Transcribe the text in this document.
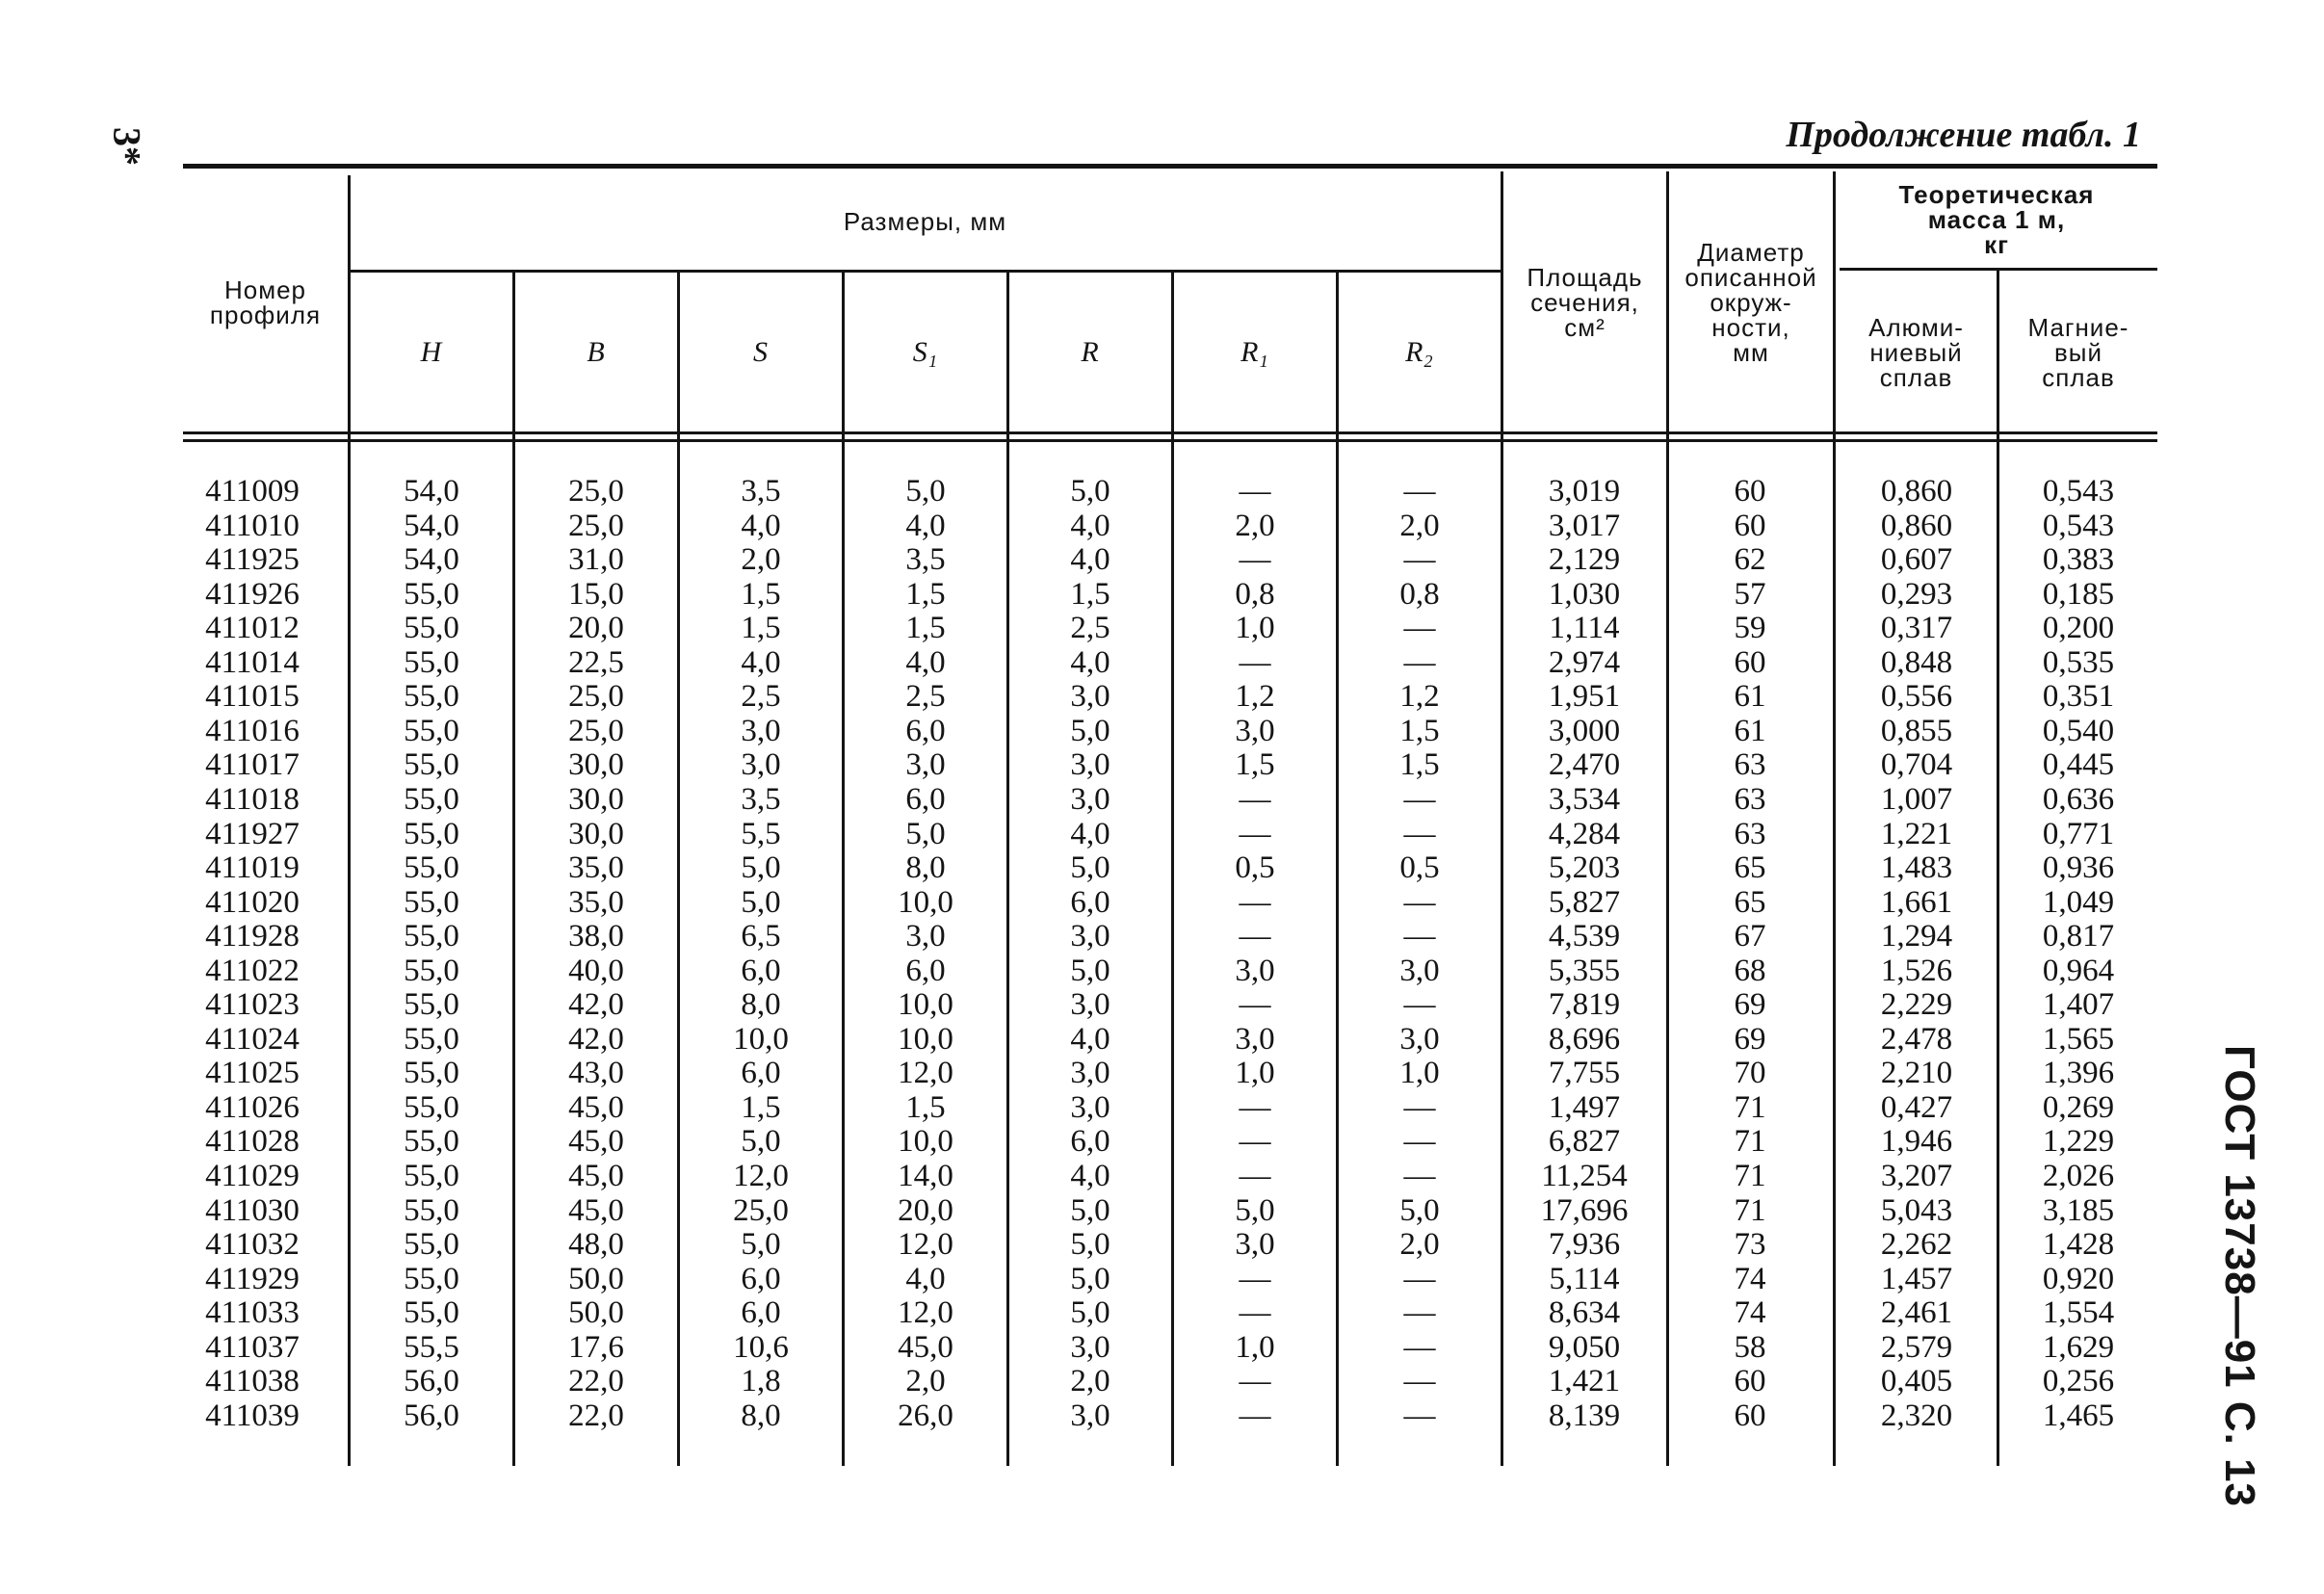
3*	Продолжение табл. 1
ГОСТ 13738—91 С. 13
Номер
профиля
Размеры, мм
H	B	S	S₁	R	R₁	R₂
Площадь
сечения,
см²
Диаметр
описанной
окруж-
ности,
мм
Теоретическая
масса 1 м,
кг
Алюми-
ниевый
сплав
Магние-
вый
сплав
411009	54,0	25,0	3,5	5,0	5,0	—	—	3,019	60	0,860	0,543
411010	54,0	25,0	4,0	4,0	4,0	2,0	2,0	3,017	60	0,860	0,543
411925	54,0	31,0	2,0	3,5	4,0	—	—	2,129	62	0,607	0,383
411926	55,0	15,0	1,5	1,5	1,5	0,8	0,8	1,030	57	0,293	0,185
411012	55,0	20,0	1,5	1,5	2,5	1,0	—	1,114	59	0,317	0,200
411014	55,0	22,5	4,0	4,0	4,0	—	—	2,974	60	0,848	0,535
411015	55,0	25,0	2,5	2,5	3,0	1,2	1,2	1,951	61	0,556	0,351
411016	55,0	25,0	3,0	6,0	5,0	3,0	1,5	3,000	61	0,855	0,540
411017	55,0	30,0	3,0	3,0	3,0	1,5	1,5	2,470	63	0,704	0,445
411018	55,0	30,0	3,5	6,0	3,0	—	—	3,534	63	1,007	0,636
411927	55,0	30,0	5,5	5,0	4,0	—	—	4,284	63	1,221	0,771
411019	55,0	35,0	5,0	8,0	5,0	0,5	0,5	5,203	65	1,483	0,936
411020	55,0	35,0	5,0	10,0	6,0	—	—	5,827	65	1,661	1,049
411928	55,0	38,0	6,5	3,0	3,0	—	—	4,539	67	1,294	0,817
411022	55,0	40,0	6,0	6,0	5,0	3,0	3,0	5,355	68	1,526	0,964
411023	55,0	42,0	8,0	10,0	3,0	—	—	7,819	69	2,229	1,407
411024	55,0	42,0	10,0	10,0	4,0	3,0	3,0	8,696	69	2,478	1,565
411025	55,0	43,0	6,0	12,0	3,0	1,0	1,0	7,755	70	2,210	1,396
411026	55,0	45,0	1,5	1,5	3,0	—	—	1,497	71	0,427	0,269
411028	55,0	45,0	5,0	10,0	6,0	—	—	6,827	71	1,946	1,229
411029	55,0	45,0	12,0	14,0	4,0	—	—	11,254	71	3,207	2,026
411030	55,0	45,0	25,0	20,0	5,0	5,0	5,0	17,696	71	5,043	3,185
411032	55,0	48,0	5,0	12,0	5,0	3,0	2,0	7,936	73	2,262	1,428
411929	55,0	50,0	6,0	4,0	5,0	—	—	5,114	74	1,457	0,920
411033	55,0	50,0	6,0	12,0	5,0	—	—	8,634	74	2,461	1,554
411037	55,5	17,6	10,6	45,0	3,0	1,0	—	9,050	58	2,579	1,629
411038	56,0	22,0	1,8	2,0	2,0	—	—	1,421	60	0,405	0,256
411039	56,0	22,0	8,0	26,0	3,0	—	—	8,139	60	2,320	1,465
